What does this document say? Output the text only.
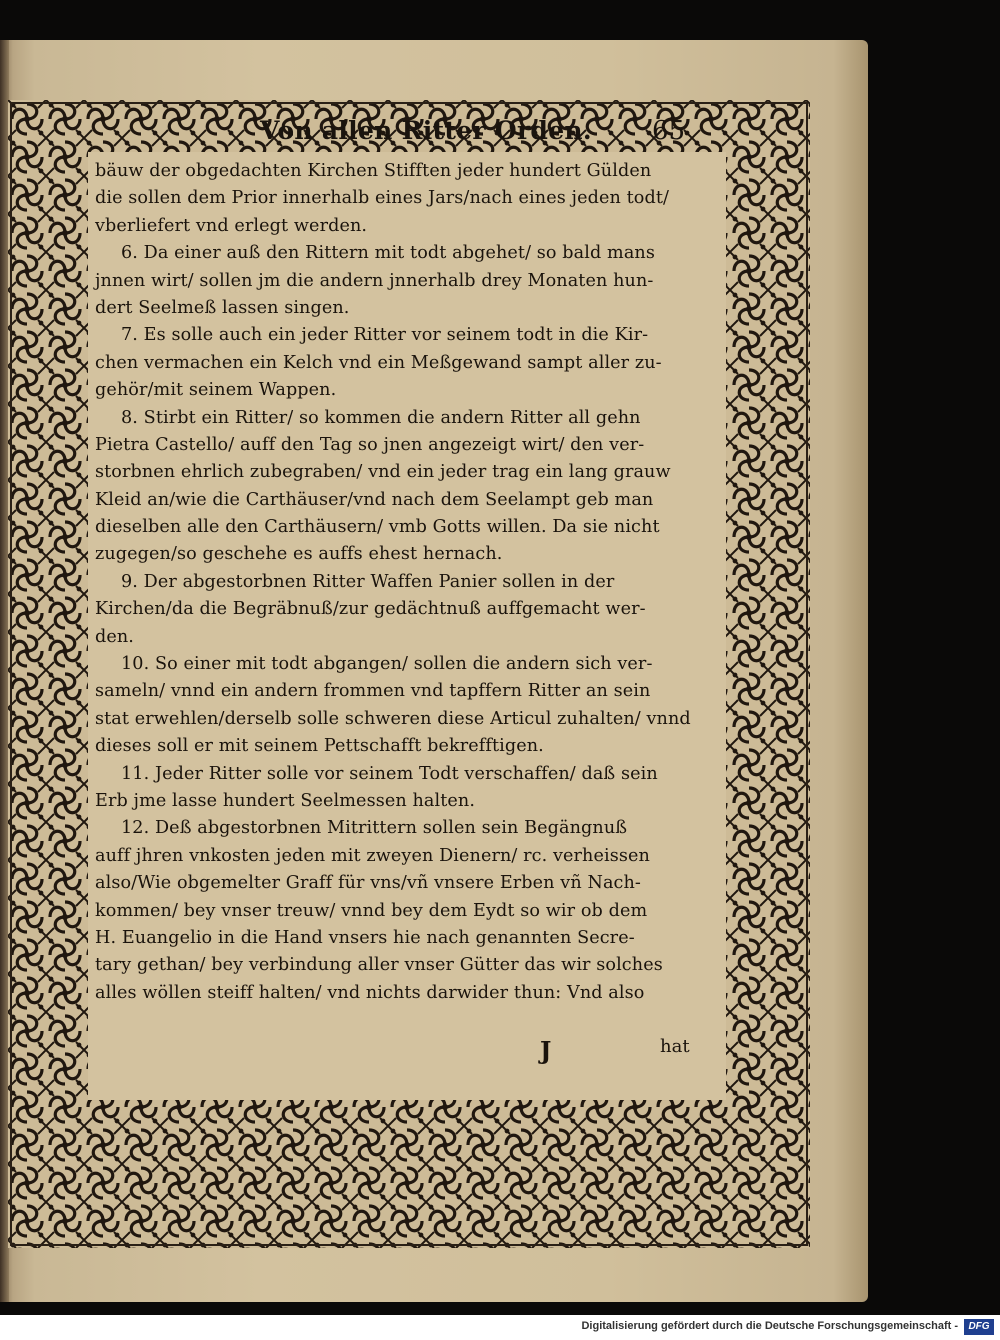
Von allen Ritter Orden. 65
bäuw der obgedachten Kirchen Stifften jeder hundert Gülden
die sollen dem Prior innerhalb eines Jars/nach eines jeden todt/
vberliefert vnd erlegt werden.
6. Da einer auß den Rittern mit todt abgehet/ so bald mans
jnnen wirt/ sollen jm die andern jnnerhalb drey Monaten hun-
dert Seelmeß lassen singen.
7. Es solle auch ein jeder Ritter vor seinem todt in die Kir-
chen vermachen ein Kelch vnd ein Meßgewand sampt aller zu-
gehör/mit seinem Wappen.
8. Stirbt ein Ritter/ so kommen die andern Ritter all gehn
Pietra Castello/ auff den Tag so jnen angezeigt wirt/ den ver-
storbnen ehrlich zubegraben/ vnd ein jeder trag ein lang grauw
Kleid an/wie die Carthäuser/vnd nach dem Seelampt geb man
dieselben alle den Carthäusern/ vmb Gotts willen. Da sie nicht
zugegen/so geschehe es auffs ehest hernach.
9. Der abgestorbnen Ritter Waffen Panier sollen in der
Kirchen/da die Begräbnuß/zur gedächtnuß auffgemacht wer-
den.
10. So einer mit todt abgangen/ sollen die andern sich ver-
sameln/ vnnd ein andern frommen vnd tapffern Ritter an sein
stat erwehlen/derselb solle schweren diese Articul zuhalten/ vnnd
dieses soll er mit seinem Pettschafft bekrefftigen.
11. Jeder Ritter solle vor seinem Todt verschaffen/ daß sein
Erb jme lasse hundert Seelmessen halten.
12. Deß abgestorbnen Mitrittern sollen sein Begängnuß
auff jhren vnkosten jeden mit zweyen Dienern/ rc. verheissen
also/Wie obgemelter Graff für vns/vñ vnsere Erben vñ Nach-
kommen/ bey vnser treuw/ vnnd bey dem Eydt so wir ob dem
H. Euangelio in die Hand vnsers hie nach genannten Secre-
tary gethan/ bey verbindung aller vnser Gütter das wir solches
alles wöllen steiff halten/ vnd nichts darwider thun: Vnd also
J	hat
Digitalisierung gefördert durch die Deutsche Forschungsgemeinschaft -	DFG
